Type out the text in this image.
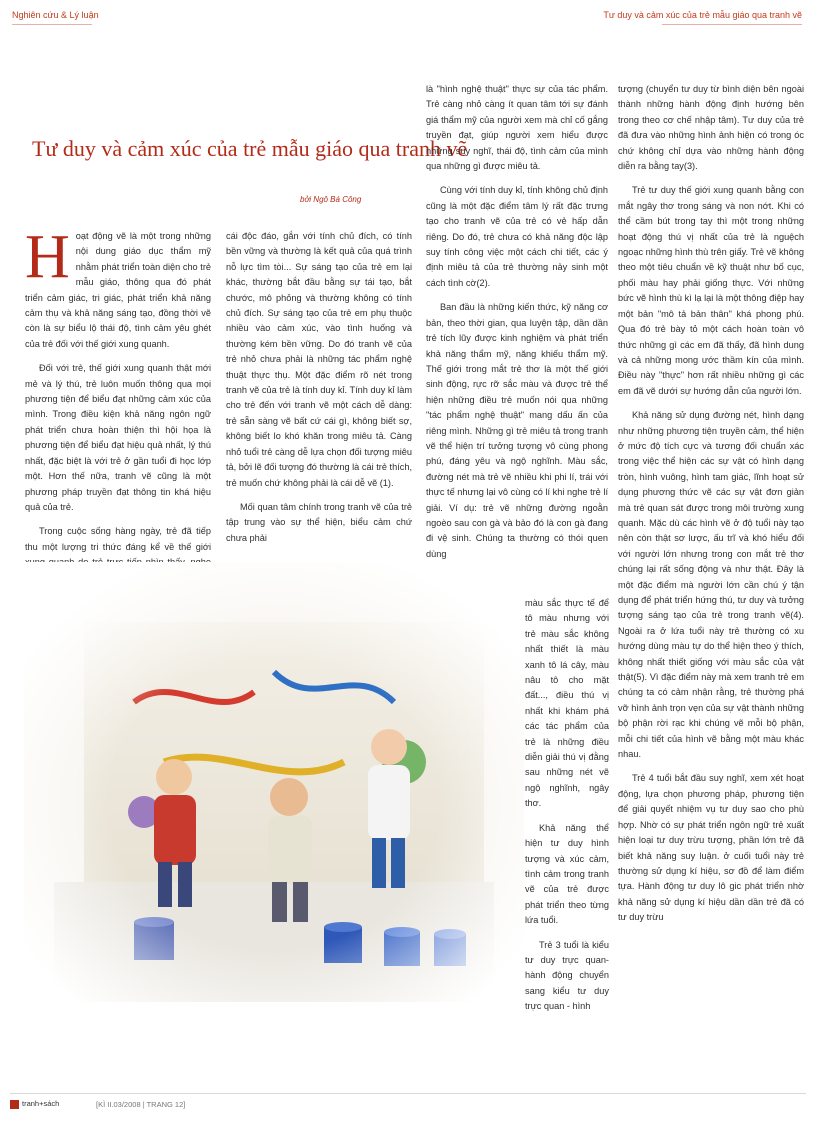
Nghiên cứu & Lý luận	Tư duy và cảm xúc của trẻ mẫu giáo qua tranh vẽ
Tư duy và cảm xúc của trẻ mẫu giáo qua tranh vẽ
bởi Ngô Bá Công

Hoạt động vẽ là một trong những nội dung giáo dục thẩm mỹ nhằm phát triển toàn diện cho trẻ mẫu giáo, thông qua đó phát triển cảm giác, tri giác, phát triển khả năng cảm thụ và khả năng sáng tạo, đồng thời vẽ còn là sự biểu lộ thái độ, tình cảm yêu ghét của trẻ đối với thế giới xung quanh.

Đối với trẻ, thế giới xung quanh thật mới mẻ và lý thú, trẻ luôn muốn thông qua mọi phương tiện để biểu đạt những cảm xúc của mình. Trong điều kiện khả năng ngôn ngữ phát triển chưa hoàn thiện thì hội họa là phương tiện để biểu đạt hiệu quả nhất, lý thú nhất, đặc biệt là với trẻ ở gần tuổi đi học lớp một. Hơn thế nữa, tranh vẽ cũng là một phương pháp truyền đạt thông tin khá hiệu quả của trẻ.

Trong cuộc sống hàng ngày, trẻ đã tiếp thu một lượng tri thức đáng kể về thế giới

cái độc đáo, gắn với tính chủ đích, có tính bền vững và thường là kết quả của quá trình nỗ lực tìm tòi... Sự sáng tạo của trẻ em lại khác, thường bắt đầu bằng sự tái tạo, bắt chước, mô phỏng và thường không có tính chủ đích. Sự sáng tạo của trẻ em phụ thuộc nhiều vào cảm xúc, vào tình huống và thường kém bền vững. Do đó tranh vẽ của trẻ nhỏ chưa phải là những tác phẩm nghệ thuật thực thụ. Một đặc điểm rõ nét trong tranh vẽ của trẻ là tính duy kỉ. Tính duy kỉ làm cho trẻ đến với tranh vẽ một cách dễ dàng: trẻ sẵn sàng vẽ bất cứ cái gì, không biết sợ, không biết lo khó khăn trong miêu tả. Càng nhỏ tuổi trẻ càng dễ lựa chọn đối tượng miêu tả, bởi lẽ đối tượng đó thường là cái trẻ thích, trẻ muốn chứ không phải là cái dễ vẽ (1).

Mối quan tâm chính trong tranh vẽ của trẻ tập trung vào sự thể hiện, biểu cảm chứ chưa phải

là "hình nghệ thuật" thực sự của tác phẩm. Trẻ càng nhỏ càng ít quan tâm tới sự đánh giá thẩm mỹ của người xem mà chỉ cố gắng truyền đạt, giúp người xem hiểu được những suy nghĩ, thái độ, tình cảm của mình qua những gì được miêu tả.

Cùng với tính duy kỉ, tính không chủ định cũng là một đặc điểm tâm lý rất đặc trưng tạo cho tranh vẽ của trẻ có vẻ hấp dẫn riêng. Do đó, trẻ chưa có khả năng độc lập suy tính công việc một cách chi tiết, các ý định miêu tả của trẻ thường nảy sinh một cách tình cờ(2).

Ban đầu là những kiến thức, kỹ năng cơ bản, theo thời gian, qua luyện tập, dần dần trẻ tích lũy được kinh nghiệm và phát triển khả năng thẩm mỹ, năng khiếu thẩm mỹ. Thế giới trong mắt trẻ thơ là một thế giới sinh động, rực rỡ sắc màu và được trẻ thể hiện những điều trẻ muốn nói qua những "tác phẩm nghệ thuật" mang dấu ấn của riêng mình. Những gì trẻ miêu tả trong tranh vẽ thể hiện trí tưởng tượng vô cùng phong phú, đáng yêu và ngộ nghĩnh. Màu sắc, đường nét mà trẻ vẽ nhiều khi phi lí, trái với thực tế nhưng lại vô cùng có lí khi nghe trẻ lí giải. Ví dụ: trẻ vẽ những đường ngoằn ngoèo sau con gà và bảo đó là con gà đang đi vệ sinh. Chúng ta thường có thói quen dùng

màu sắc thực tế để tô màu nhưng với trẻ màu sắc không nhất thiết là màu xanh tô lá cây, màu nâu tô cho mặt đất..., điều thú vị nhất khi khám phá các tác phẩm của trẻ là những điều diễn giải thú vị đằng sau những nét vẽ ngộ nghĩnh, ngây thơ.

Khả năng thể hiện tư duy hình tượng và xúc cảm, tình cảm trong tranh vẽ của trẻ được phát triển theo từng lứa tuổi.

Trẻ 3 tuổi là kiểu tư duy trực quan- hành động chuyển sang kiểu tư duy trực quan - hình

tượng (chuyển tư duy từ bình diện bên ngoài thành những hành động định hướng bên trong theo cơ chế nhập tâm). Tư duy của trẻ đã đưa vào những hình ảnh hiện có trong óc chứ không chỉ dựa vào những hành động diễn ra bằng tay(3).

Trẻ tư duy thế giới xung quanh bằng con mắt ngây thơ trong sáng và non nớt. Khi có thể cầm bút trong tay thì một trong những hoạt động thú vị nhất của trẻ là nguệch ngoạc những hình thù trên giấy. Trẻ vẽ không theo một tiêu chuẩn về kỹ thuật như bố cục, phối màu hay phải giống thực. Với những bức vẽ hình thù kì lạ lại là một thông điệp hay một bản "mô tả bản thân" khá phong phú. Qua đó trẻ bày tỏ một cách hoàn toàn vô thức những gì các em đã thấy, đã hình dung và cả những mong ước thầm kín của mình. Điều này "thực" hơn rất nhiều những gì các em đã vẽ dưới sự hướng dẫn của người lớn.

Khả năng sử dụng đường nét, hình dạng như những phương tiện truyền cảm, thể hiện ở mức độ tích cực và tương đối chuẩn xác trong việc thể hiện các sự vật có hình dạng tròn, hình vuông, hình tam giác, lĩnh hoạt sử dụng phương thức vẽ các sự vật đơn giản mà trẻ quan sát được trong môi trường xung quanh. Mặc dù các hình vẽ ở độ tuổi này tạo nên còn thật sơ lược, ấu trĩ và khó hiểu đối với người lớn nhưng trong con mắt trẻ thơ chúng lại rất sống động và như thật. Đây là một đặc điểm mà người lớn cần chú ý tận dụng để phát triển hứng thú, tư duy và tưởng tượng sáng tạo của trẻ trong tranh vẽ(4). Ngoài ra ở lứa tuổi này trẻ thường có xu hướng dùng màu tự do thể hiện theo ý thích, không nhất thiết giống với màu sắc của vật thật(5). Vì đặc điểm này mà xem tranh trẻ em chúng ta có cảm nhận rằng, trẻ thường phá vỡ hình ảnh trọn vẹn của sự vật thành những bộ phận rời rạc khi chúng vẽ mỗi bộ phận, mỗi chi tiết của hình vẽ bằng một màu khác nhau.

Trẻ 4 tuổi bắt đầu suy nghĩ, xem xét hoạt động, lựa chọn phương pháp, phương tiện để giải quyết nhiệm vụ tư duy sao cho phù hợp. Nhờ có sự phát triển ngôn ngữ trẻ xuất hiện loại tư duy trừu tượng, phần lớn trẻ đã biết khả năng suy luận. ở cuối tuổi này trẻ thường sử dụng kí hiệu, sơ đồ để làm điểm tựa. Hành động tư duy lô gic phát triển nhờ khả năng sử dụng kí hiệu dần dần trẻ đã có tư duy trừu

tranh+sách	[KÌ II.03/2008 | TRANG 12]
